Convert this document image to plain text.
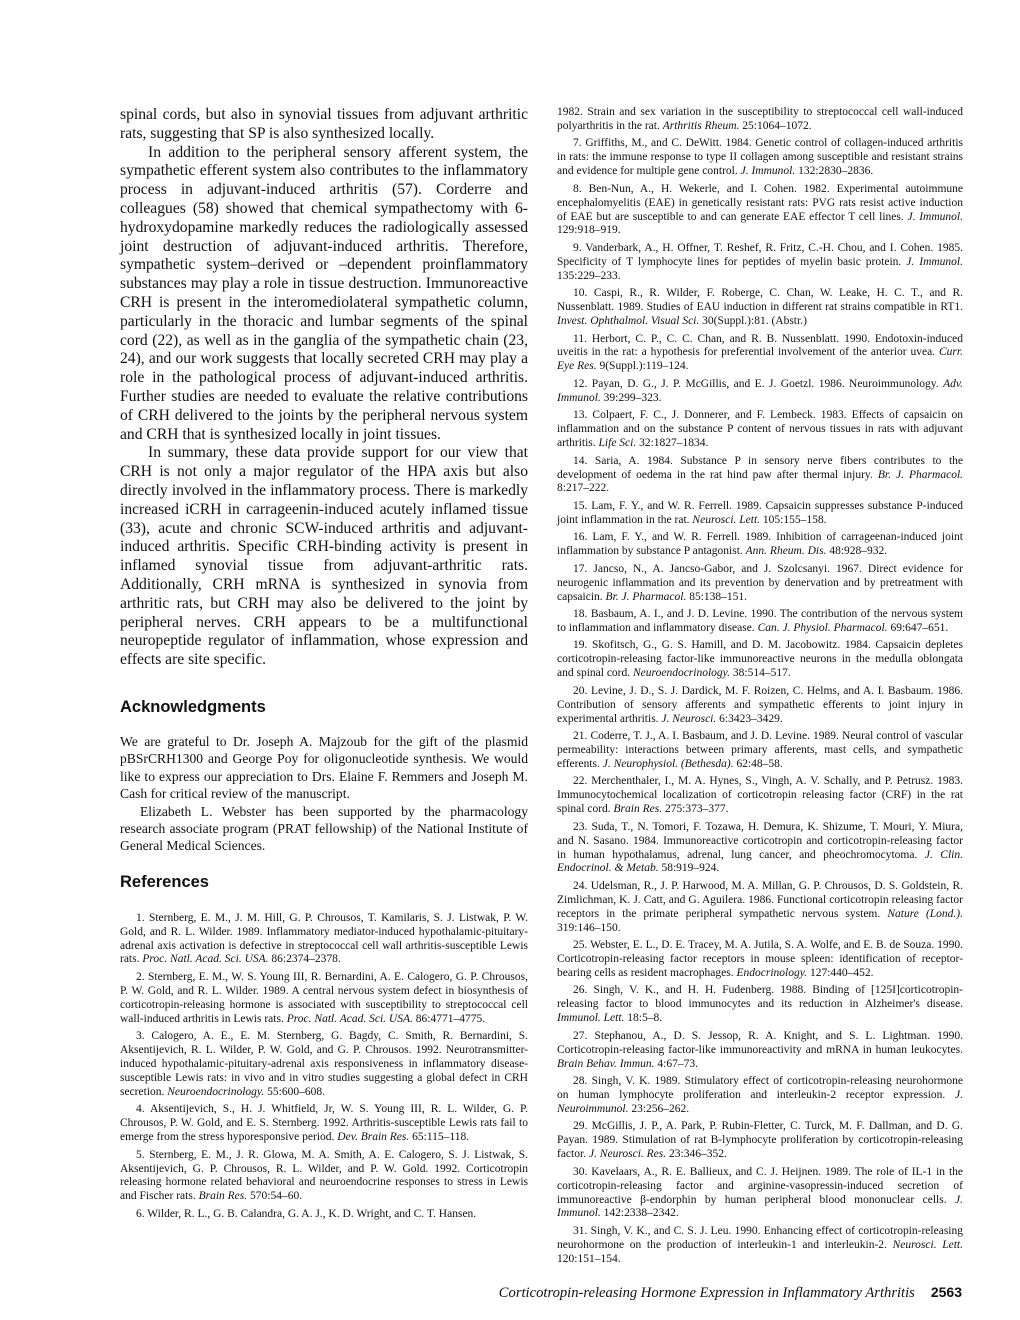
spinal cords, but also in synovial tissues from adjuvant arthritic rats, suggesting that SP is also synthesized locally.

In addition to the peripheral sensory afferent system, the sympathetic efferent system also contributes to the inflammatory process in adjuvant-induced arthritis (57). Corderre and colleagues (58) showed that chemical sympathectomy with 6-hydroxydopamine markedly reduces the radiologically assessed joint destruction of adjuvant-induced arthritis. Therefore, sympathetic system–derived or –dependent proinflammatory substances may play a role in tissue destruction. Immunoreactive CRH is present in the interomediolateral sympathetic column, particularly in the thoracic and lumbar segments of the spinal cord (22), as well as in the ganglia of the sympathetic chain (23, 24), and our work suggests that locally secreted CRH may play a role in the pathological process of adjuvant-induced arthritis. Further studies are needed to evaluate the relative contributions of CRH delivered to the joints by the peripheral nervous system and CRH that is synthesized locally in joint tissues.

In summary, these data provide support for our view that CRH is not only a major regulator of the HPA axis but also directly involved in the inflammatory process. There is markedly increased iCRH in carrageenin-induced acutely inflamed tissue (33), acute and chronic SCW-induced arthritis and adjuvant-induced arthritis. Specific CRH-binding activity is present in inflamed synovial tissue from adjuvant-arthritic rats. Additionally, CRH mRNA is synthesized in synovia from arthritic rats, but CRH may also be delivered to the joint by peripheral nerves. CRH appears to be a multifunctional neuropeptide regulator of inflammation, whose expression and effects are site specific.

Acknowledgments

We are grateful to Dr. Joseph A. Majzoub for the gift of the plasmid pBSrCRH1300 and George Poy for oligonucleotide synthesis. We would like to express our appreciation to Drs. Elaine F. Remmers and Joseph M. Cash for critical review of the manuscript.

Elizabeth L. Webster has been supported by the pharmacology research associate program (PRAT fellowship) of the National Institute of General Medical Sciences.

References
1. Sternberg, E. M., J. M. Hill, G. P. Chrousos, T. Kamilaris, S. J. Listwak, P. W. Gold, and R. L. Wilder. 1989. Inflammatory mediator-induced hypothalamic-pituitary-adrenal axis activation is defective in streptococcal cell wall arthritis-susceptible Lewis rats. Proc. Natl. Acad. Sci. USA. 86:2374–2378.
2. Sternberg, E. M., W. S. Young III, R. Bernardini, A. E. Calogero, G. P. Chrousos, P. W. Gold, and R. L. Wilder. 1989. A central nervous system defect in biosynthesis of corticotropin-releasing hormone is associated with susceptibility to streptococcal cell wall-induced arthritis in Lewis rats. Proc. Natl. Acad. Sci. USA. 86:4771–4775.
3. Calogero, A. E., E. M. Sternberg, G. Bagdy, C. Smith, R. Bernardini, S. Aksentijevich, R. L. Wilder, P. W. Gold, and G. P. Chrousos. 1992. Neurotransmitter-induced hypothalamic-pituitary-adrenal axis responsiveness in inflammatory disease-susceptible Lewis rats: in vivo and in vitro studies suggesting a global defect in CRH secretion. Neuroendocrinology. 55:600–608.
4. Aksentijevich, S., H. J. Whitfield, Jr, W. S. Young III, R. L. Wilder, G. P. Chrousos, P. W. Gold, and E. S. Sternberg. 1992. Arthritis-susceptible Lewis rats fail to emerge from the stress hyporesponsive period. Dev. Brain Res. 65:115–118.
5. Sternberg, E. M., J. R. Glowa, M. A. Smith, A. E. Calogero, S. J. Listwak, S. Aksentijevich, G. P. Chrousos, R. L. Wilder, and P. W. Gold. 1992. Corticotropin releasing hormone related behavioral and neuroendocrine responses to stress in Lewis and Fischer rats. Brain Res. 570:54–60.
6. Wilder, R. L., G. B. Calandra, G. A. J., K. D. Wright, and C. T. Hansen.
1982. Strain and sex variation in the susceptibility to streptococcal cell wall-induced polyarthritis in the rat. Arthritis Rheum. 25:1064–1072.
7. Griffiths, M., and C. DeWitt. 1984. Genetic control of collagen-induced arthritis in rats: the immune response to type II collagen among susceptible and resistant strains and evidence for multiple gene control. J. Immunol. 132:2830–2836.
8. Ben-Nun, A., H. Wekerle, and I. Cohen. 1982. Experimental autoimmune encephalomyelitis (EAE) in genetically resistant rats: PVG rats resist active induction of EAE but are susceptible to and can generate EAE effector T cell lines. J. Immunol. 129:918–919.
9. Vanderbark, A., H. Offner, T. Reshef, R. Fritz, C.-H. Chou, and I. Cohen. 1985. Specificity of T lymphocyte lines for peptides of myelin basic protein. J. Immunol. 135:229–233.
10. Caspi, R., R. Wilder, F. Roberge, C. Chan, W. Leake, H. C. T., and R. Nussenblatt. 1989. Studies of EAU induction in different rat strains compatible in RT1. Invest. Ophthalmol. Visual Sci. 30(Suppl.):81. (Abstr.)
11. Herbort, C. P., C. C. Chan, and R. B. Nussenblatt. 1990. Endotoxin-induced uveitis in the rat: a hypothesis for preferential involvement of the anterior uvea. Curr. Eye Res. 9(Suppl.):119–124.
12. Payan, D. G., J. P. McGillis, and E. J. Goetzl. 1986. Neuroimmunology. Adv. Immunol. 39:299–323.
13. Colpaert, F. C., J. Donnerer, and F. Lembeck. 1983. Effects of capsaicin on inflammation and on the substance P content of nervous tissues in rats with adjuvant arthritis. Life Sci. 32:1827–1834.
14. Saria, A. 1984. Substance P in sensory nerve fibers contributes to the development of oedema in the rat hind paw after thermal injury. Br. J. Pharmacol. 8:217–222.
15. Lam, F. Y., and W. R. Ferrell. 1989. Capsaicin suppresses substance P-induced joint inflammation in the rat. Neurosci. Lett. 105:155–158.
16. Lam, F. Y., and W. R. Ferrell. 1989. Inhibition of carrageenan-induced joint inflammation by substance P antagonist. Ann. Rheum. Dis. 48:928–932.
17. Jancso, N., A. Jancso-Gabor, and J. Szolcsanyi. 1967. Direct evidence for neurogenic inflammation and its prevention by denervation and by pretreatment with capsaicin. Br. J. Pharmacol. 85:138–151.
18. Basbaum, A. I., and J. D. Levine. 1990. The contribution of the nervous system to inflammation and inflammatory disease. Can. J. Physiol. Pharmacol. 69:647–651.
19. Skofitsch, G., G. S. Hamill, and D. M. Jacobowitz. 1984. Capsaicin depletes corticotropin-releasing factor-like immunoreactive neurons in the medulla oblongata and spinal cord. Neuroendocrinology. 38:514–517.
20. Levine, J. D., S. J. Dardick, M. F. Roizen, C. Helms, and A. I. Basbaum. 1986. Contribution of sensory afferents and sympathetic efferents to joint injury in experimental arthritis. J. Neurosci. 6:3423–3429.
21. Coderre, T. J., A. I. Basbaum, and J. D. Levine. 1989. Neural control of vascular permeability: interactions between primary afferents, mast cells, and sympathetic efferents. J. Neurophysiol. (Bethesda). 62:48–58.
22. Merchenthaler, I., M. A. Hynes, S., Vingh, A. V. Schally, and P. Petrusz. 1983. Immunocytochemical localization of corticotropin releasing factor (CRF) in the rat spinal cord. Brain Res. 275:373–377.
23. Suda, T., N. Tomori, F. Tozawa, H. Demura, K. Shizume, T. Mouri, Y. Miura, and N. Sasano. 1984. Immunoreactive corticotropin and corticotropin-releasing factor in human hypothalamus, adrenal, lung cancer, and pheochromocytoma. J. Clin. Endocrinol. & Metab. 58:919–924.
24. Udelsman, R., J. P. Harwood, M. A. Millan, G. P. Chrousos, D. S. Goldstein, R. Zimlichman, K. J. Catt, and G. Aguilera. 1986. Functional corticotropin releasing factor receptors in the primate peripheral sympathetic nervous system. Nature (Lond.). 319:146–150.
25. Webster, E. L., D. E. Tracey, M. A. Jutila, S. A. Wolfe, and E. B. de Souza. 1990. Corticotropin-releasing factor receptors in mouse spleen: identification of receptor-bearing cells as resident macrophages. Endocrinology. 127:440–452.
26. Singh, V. K., and H. H. Fudenberg. 1988. Binding of [125I]corticotropin-releasing factor to blood immunocytes and its reduction in Alzheimer's disease. Immunol. Lett. 18:5–8.
27. Stephanou, A., D. S. Jessop, R. A. Knight, and S. L. Lightman. 1990. Corticotropin-releasing factor-like immunoreactivity and mRNA in human leukocytes. Brain Behav. Immun. 4:67–73.
28. Singh, V. K. 1989. Stimulatory effect of corticotropin-releasing neurohormone on human lymphocyte proliferation and interleukin-2 receptor expression. J. Neuroimmunol. 23:256–262.
29. McGillis, J. P., A. Park, P. Rubin-Fletter, C. Turck, M. F. Dallman, and D. G. Payan. 1989. Stimulation of rat B-lymphocyte proliferation by corticotropin-releasing factor. J. Neurosci. Res. 23:346–352.
30. Kavelaars, A., R. E. Ballieux, and C. J. Heijnen. 1989. The role of IL-1 in the corticotropin-releasing factor and arginine-vasopressin-induced secretion of immunoreactive β-endorphin by human peripheral blood mononuclear cells. J. Immunol. 142:2338–2342.
31. Singh, V. K., and C. S. J. Leu. 1990. Enhancing effect of corticotropin-releasing neurohormone on the production of interleukin-1 and interleukin-2. Neurosci. Lett. 120:151–154.
Corticotropin-releasing Hormone Expression in Inflammatory Arthritis 2563
